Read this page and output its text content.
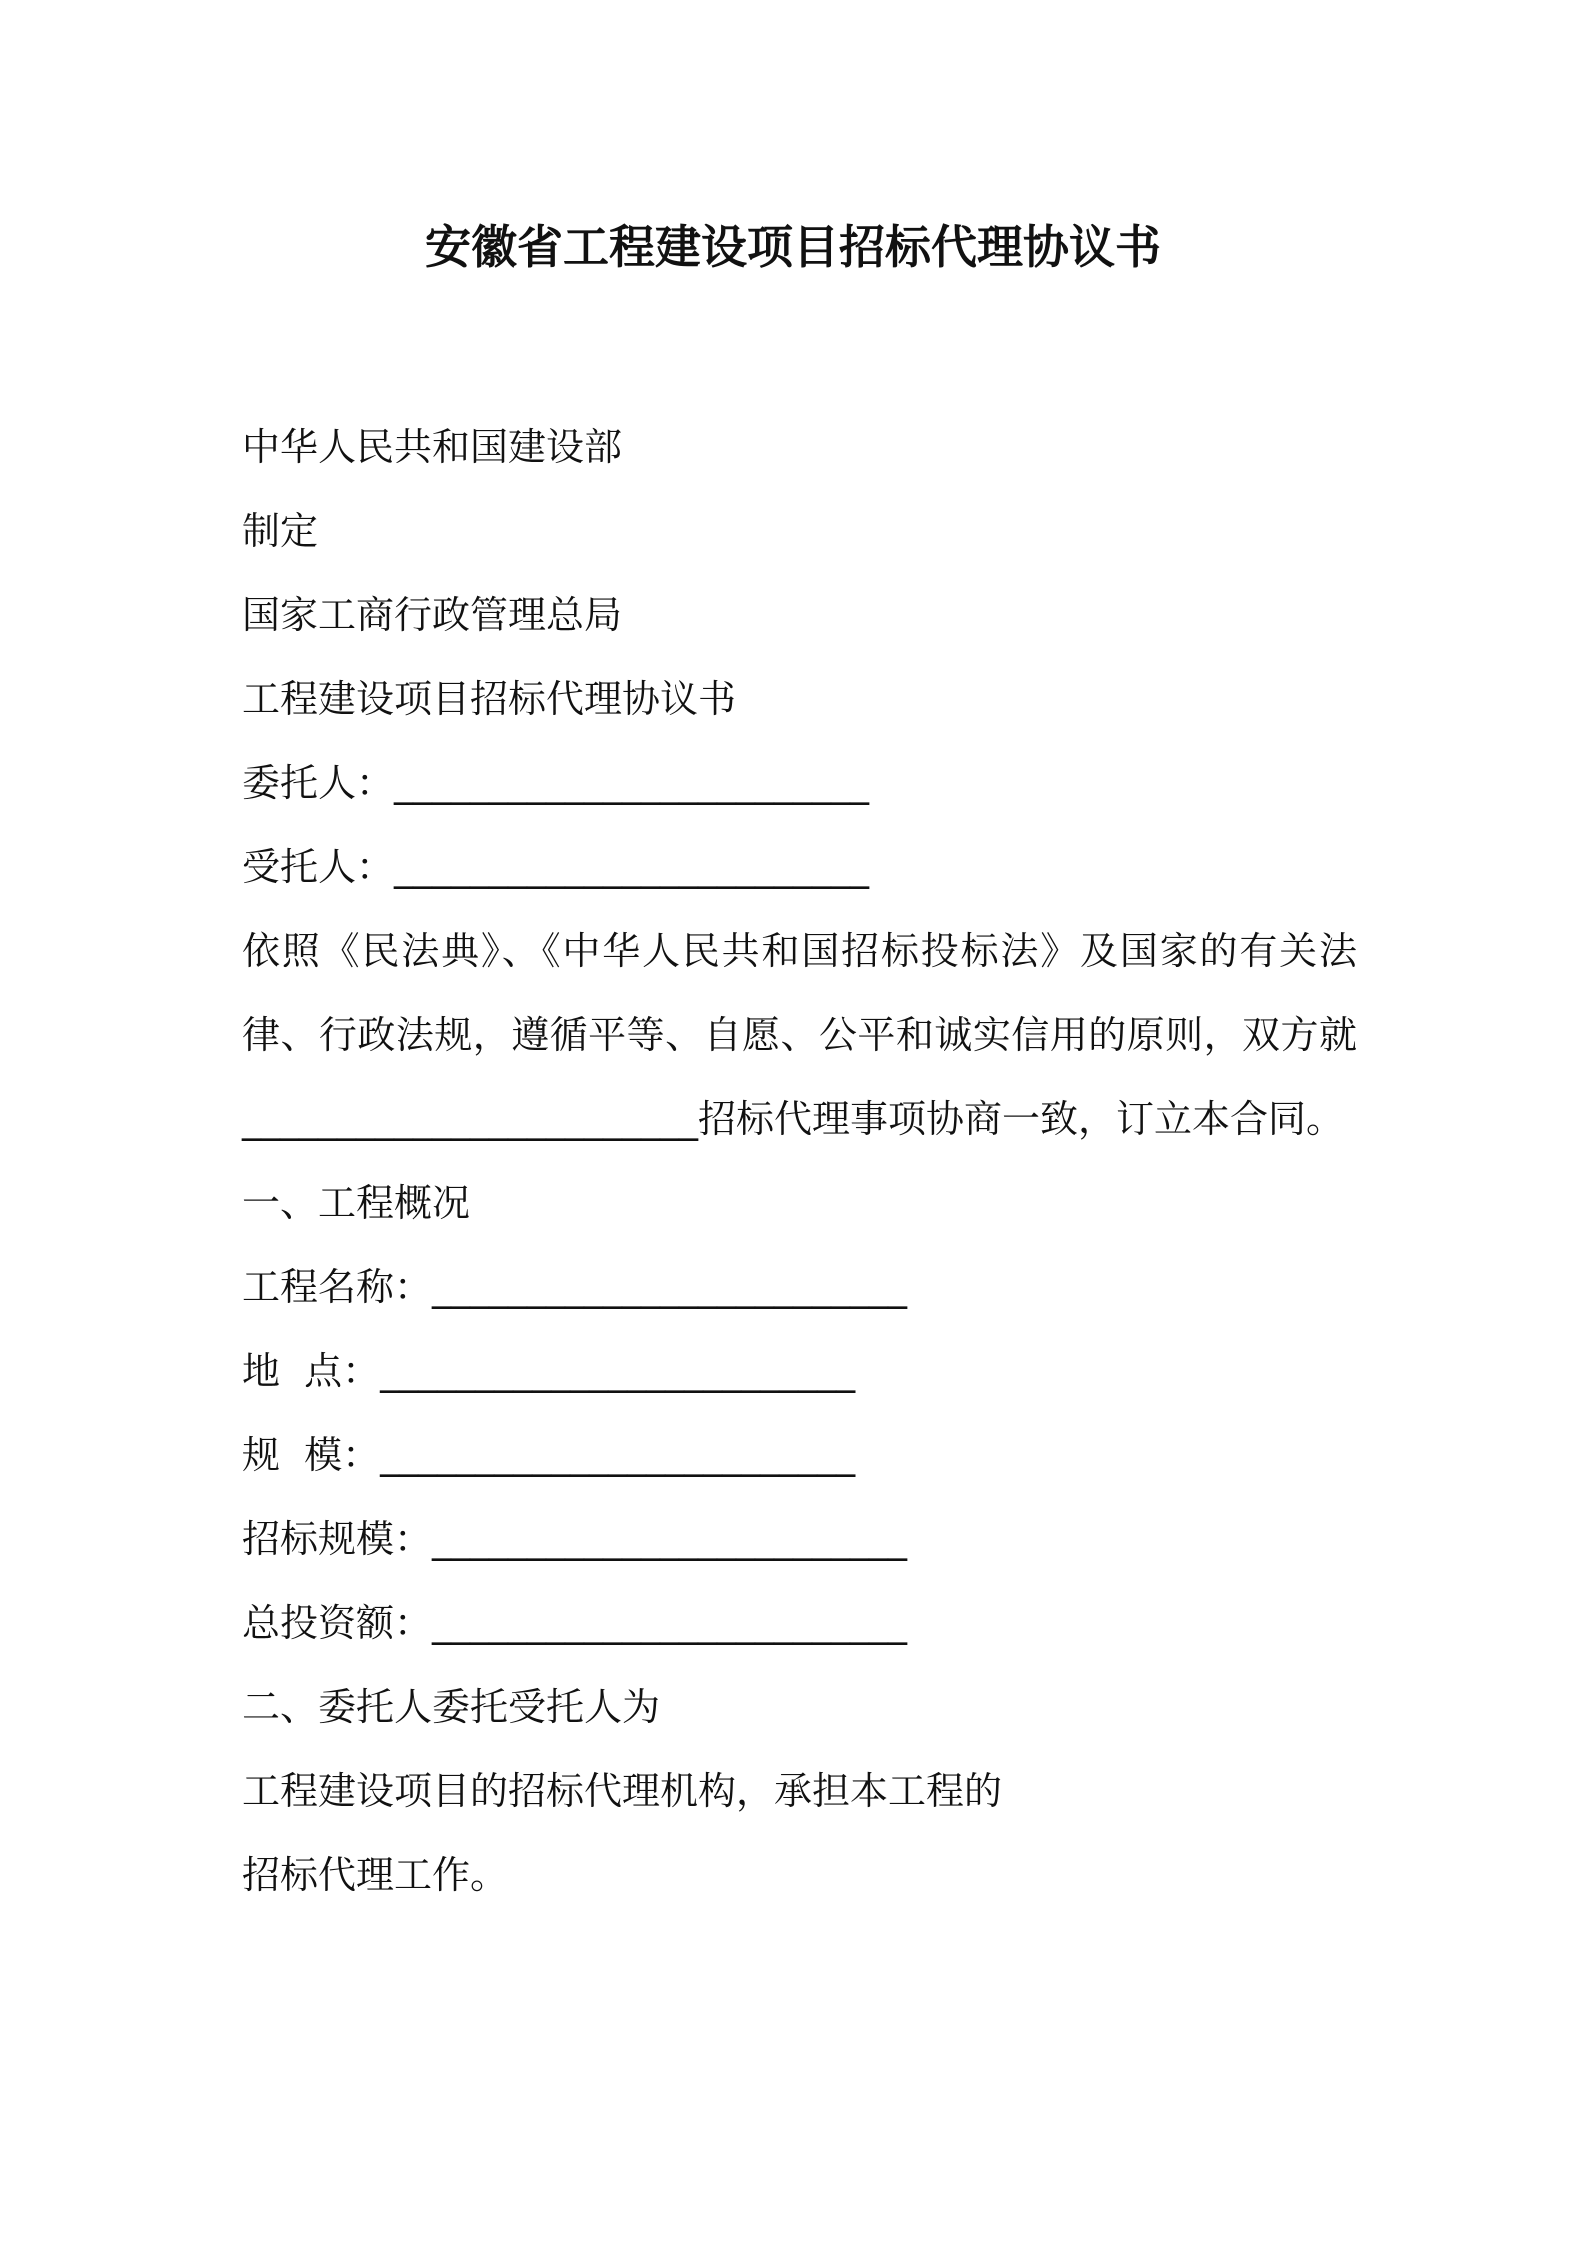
安徽省工程建设项目招标代理协议书
中华人民共和国建设部
制定
国家工商行政管理总局
工程建设项目招标代理协议书
委托人：_________________________
受托人：_________________________
依照《民法典》、《中华人民共和国招标投标法》及国家的有关法律、行政法规，遵循平等、自愿、公平和诚实信用的原则，双方就________________________招标代理事项协商一致，订立本合同。
一、工程概况
工程名称：_________________________
地  点：_________________________
规  模：_________________________
招标规模：_________________________
总投资额：_________________________
二、委托人委托受托人为
工程建设项目的招标代理机构，承担本工程的
招标代理工作。
